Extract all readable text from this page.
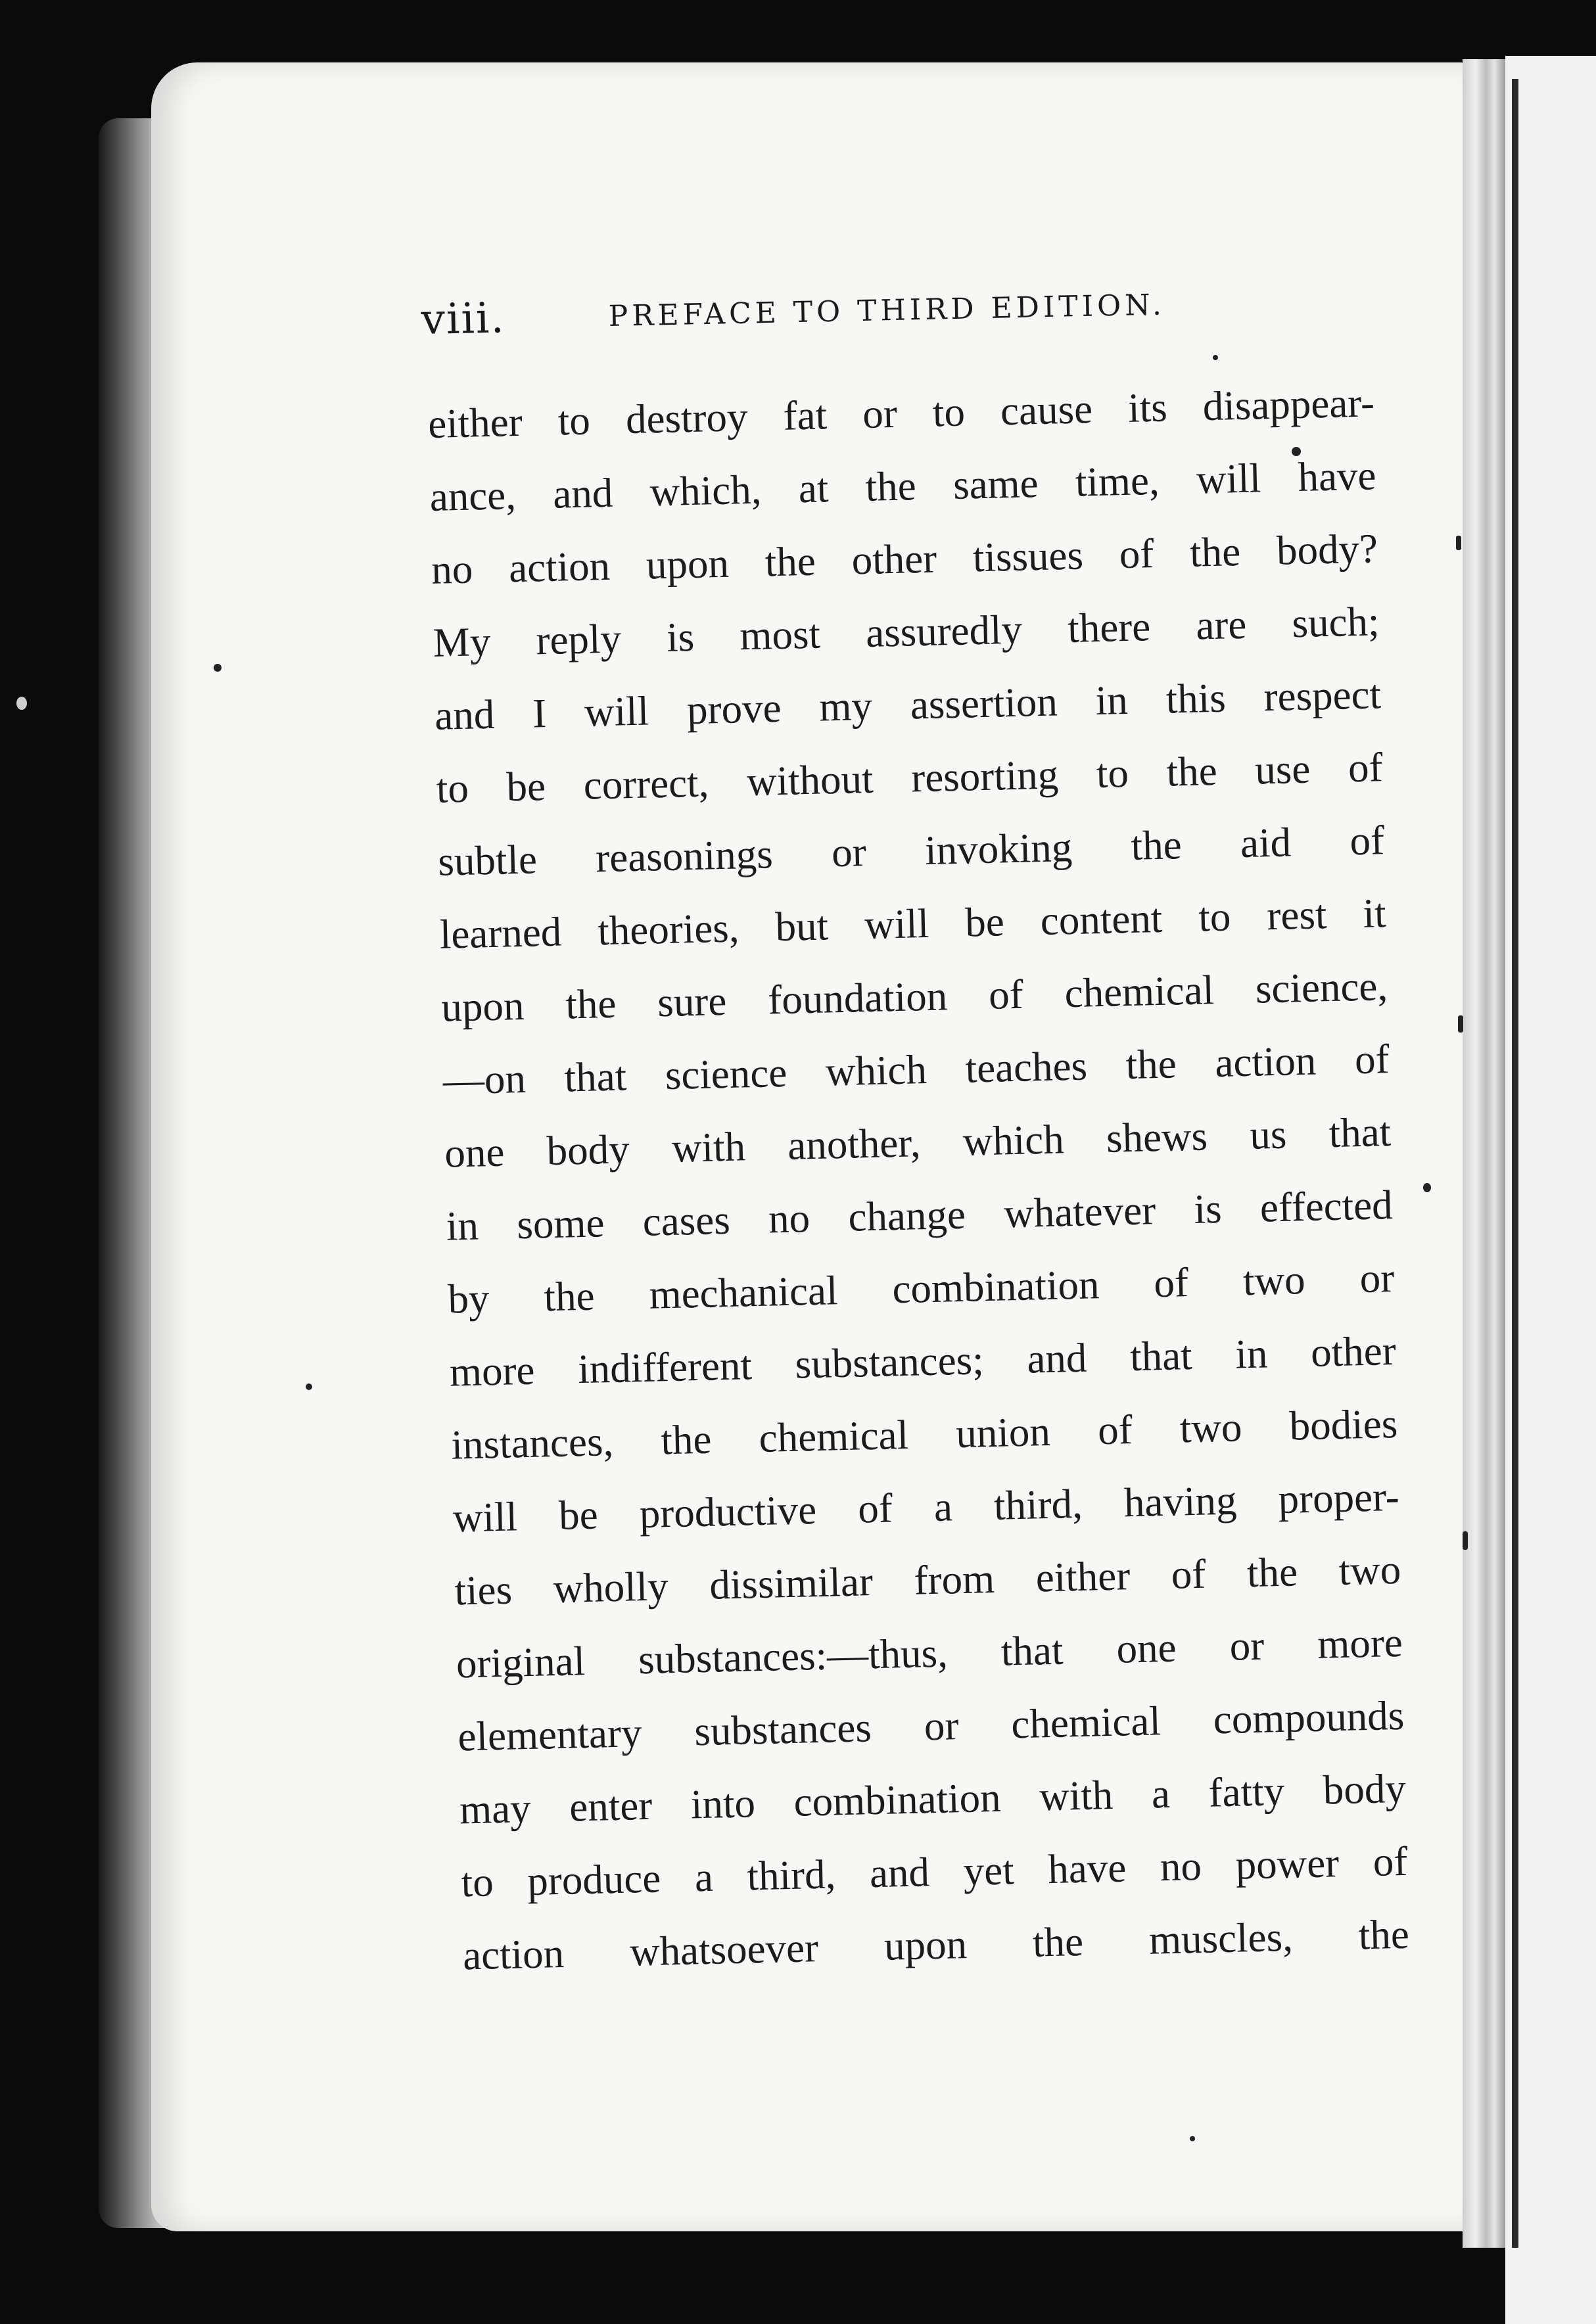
viii.	PREFACE TO THIRD EDITION.
either to destroy fat or to cause its disappear-
ance, and which, at the same time, will have
no action upon the other tissues of the body?
My reply is most assuredly there are such;
and I will prove my assertion in this respect
to be correct, without resorting to the use of
subtle reasonings or invoking the aid of
learned theories, but will be content to rest it
upon the sure foundation of chemical science,
—on that science which teaches the action of
one body with another, which shews us that
in some cases no change whatever is effected
by the mechanical combination of two or
more indifferent substances; and that in other
instances, the chemical union of two bodies
will be productive of a third, having proper-
ties wholly dissimilar from either of the two
original substances:—thus, that one or more
elementary substances or chemical compounds
may enter into combination with a fatty body
to produce a third, and yet have no power of
action whatsoever upon the muscles, the
